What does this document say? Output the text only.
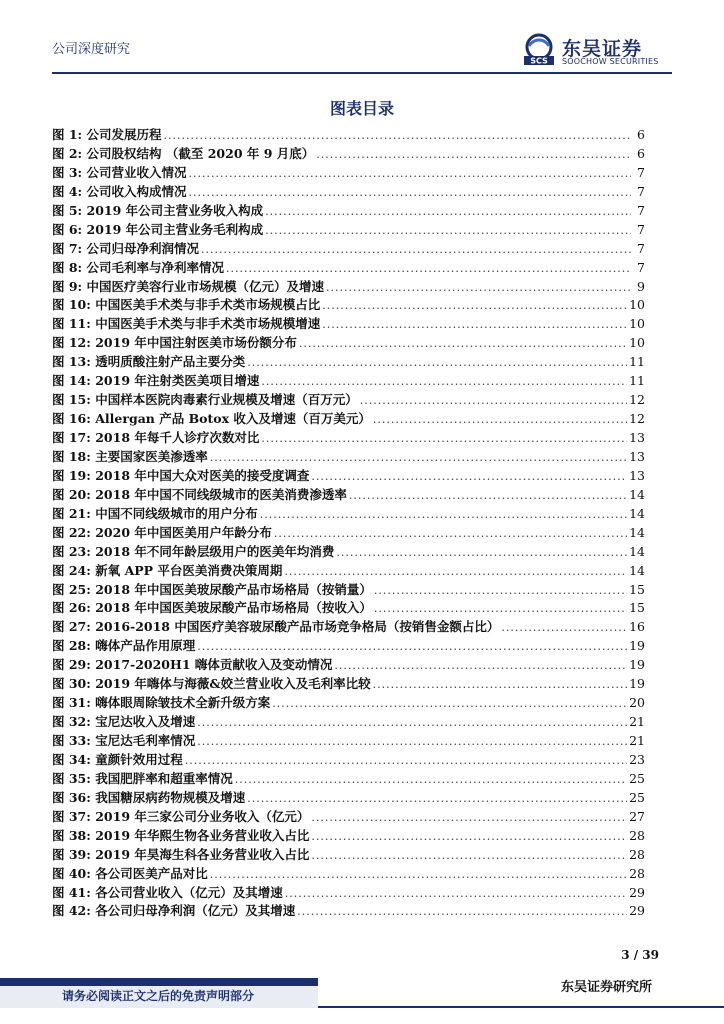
公司深度研究
SCS
东吴证券
SOOCHOW SECURITIES
图表目录
图 1: 公司发展历程 .....	6
图 2: 公司股权结构 （截至 2020 年 9 月底） .....	6
图 3: 公司营业收入情况 .....	7
图 4: 公司收入构成情况 .....	7
图 5: 2019 年公司主营业务收入构成 .....	7
图 6: 2019 年公司主营业务毛利构成 .....	7
图 7: 公司归母净利润情况 .....	7
图 8: 公司毛利率与净利率情况 .....	7
图 9: 中国医疗美容行业市场规模（亿元）及增速 .....	9
图 10: 中国医美手术类与非手术类市场规模占比 .....	10
图 11: 中国医美手术类与非手术类市场规模增速 .....	10
图 12: 2019 年中国注射医美市场份额分布 .....	10
图 13: 透明质酸注射产品主要分类 .....	11
图 14: 2019 年注射类医美项目增速 .....	11
图 15: 中国样本医院肉毒素行业规模及增速（百万元） .....	12
图 16: Allergan 产品 Botox 收入及增速（百万美元） .....	12
图 17: 2018 年每千人诊疗次数对比 .....	13
图 18: 主要国家医美渗透率 .....	13
图 19: 2018 年中国大众对医美的接受度调查 .....	13
图 20: 2018 年中国不同线级城市的医美消费渗透率 .....	14
图 21: 中国不同线级城市的用户分布 .....	14
图 22: 2020 年中国医美用户年龄分布 .....	14
图 23: 2018 年不同年龄层级用户的医美年均消费 .....	14
图 24: 新氧 APP 平台医美消费决策周期 .....	14
图 25: 2018 年中国医美玻尿酸产品市场格局（按销量） .....	15
图 26: 2018 年中国医美玻尿酸产品市场格局（按收入） .....	15
图 27: 2016-2018 中国医疗美容玻尿酸产品市场竞争格局（按销售金额占比） .....	16
图 28: 嗨体产品作用原理 .....	19
图 29: 2017-2020H1 嗨体贡献收入及变动情况 .....	19
图 30: 2019 年嗨体与海薇&姣兰营业收入及毛利率比较 .....	19
图 31: 嗨体眼周除皱技术全新升级方案 .....	20
图 32: 宝尼达收入及增速 .....	21
图 33: 宝尼达毛利率情况 .....	21
图 34: 童颜针效用过程 .....	23
图 35: 我国肥胖率和超重率情况 .....	25
图 36: 我国糖尿病药物规模及增速 .....	25
图 37: 2019 年三家公司分业务收入（亿元） .....	27
图 38: 2019 年华熙生物各业务营业收入占比 .....	28
图 39: 2019 年昊海生科各业务营业收入占比 .....	28
图 40: 各公司医美产品对比 .....	28
图 41: 各公司营业收入（亿元）及其增速 .....	29
图 42: 各公司归母净利润（亿元）及其增速 .....	29
3 / 39
请务必阅读正文之后的免责声明部分
东吴证券研究所
